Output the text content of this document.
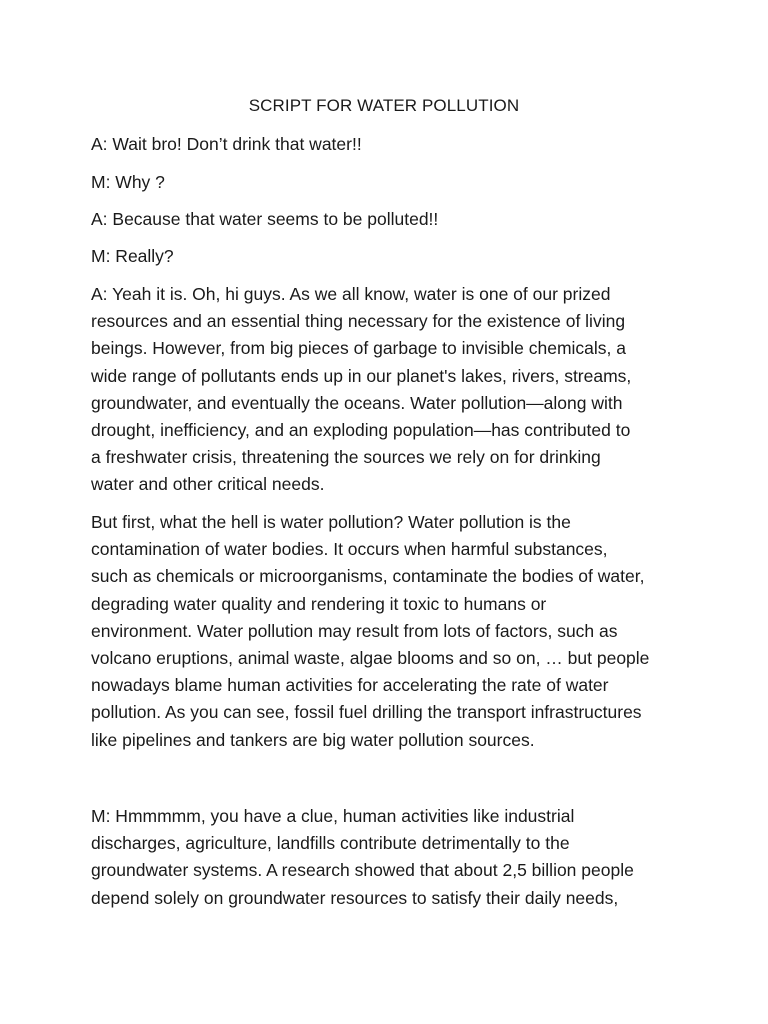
SCRIPT FOR WATER POLLUTION
A: Wait bro! Don’t drink that water!!
M: Why ?
A: Because that water seems to be polluted!!
M: Really?

A: Yeah it is. Oh, hi guys. As we all know, water is one of our prized

resources and an essential thing necessary for the existence of living

beings. However, from big pieces of garbage to invisible chemicals, a

wide range of pollutants ends up in our planet's lakes, rivers, streams,

groundwater, and eventually the oceans. Water pollution—along with

drought, inefficiency, and an exploding population—has contributed to

a freshwater crisis, threatening the sources we rely on for drinking

water and other critical needs.

But first, what the hell is water pollution? Water pollution is the

contamination of water bodies. It occurs when harmful substances,

such as chemicals or microorganisms, contaminate the bodies of water,

degrading water quality and rendering it toxic to humans or

environment. Water pollution may result from lots of factors, such as

volcano eruptions, animal waste, algae blooms and so on, … but people

nowadays blame human activities for accelerating the rate of water

pollution. As you can see, fossil fuel drilling the transport infrastructures

like pipelines and tankers are big water pollution sources.

M: Hmmmmm, you have a clue, human activities like industrial

discharges, agriculture, landfills contribute detrimentally to the

groundwater systems. A research showed that about 2,5 billion people

depend solely on groundwater resources to satisfy their daily needs,
